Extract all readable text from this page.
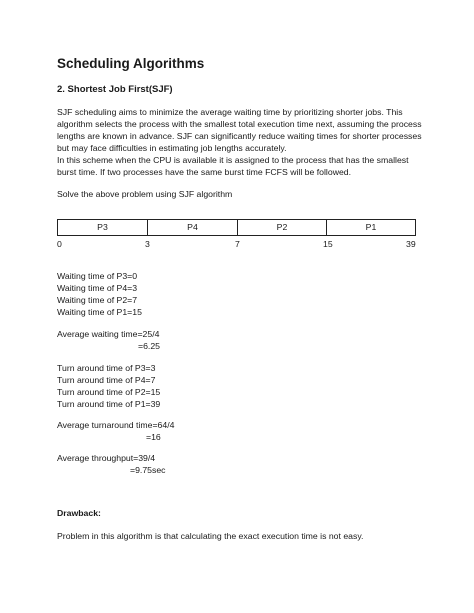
Scheduling Algorithms
2. Shortest Job First(SJF)
SJF scheduling aims to minimize the average waiting time by prioritizing shorter jobs. This
algorithm selects the process with the smallest total execution time next, assuming the process
lengths are known in advance. SJF can significantly reduce waiting times for shorter processes
but may face difficulties in estimating job lengths accurately.
In this scheme when the CPU is available it is assigned to the process that has the smallest
burst time. If two processes have the same burst time FCFS will be followed.
Solve the above problem using SJF algorithm
P3	P4	P2	P1
0	3	7	15	39
Waiting time of P3=0
Waiting time of P4=3
Waiting time of P2=7
Waiting time of P1=15
Average waiting time=25/4
=6.25
Turn around time of P3=3
Turn around time of P4=7
Turn around time of P2=15
Turn around time of P1=39
Average turnaround time=64/4
=16
Average throughput=39/4
=9.75sec
Drawback:
Problem in this algorithm is that calculating the exact execution time is not easy.
